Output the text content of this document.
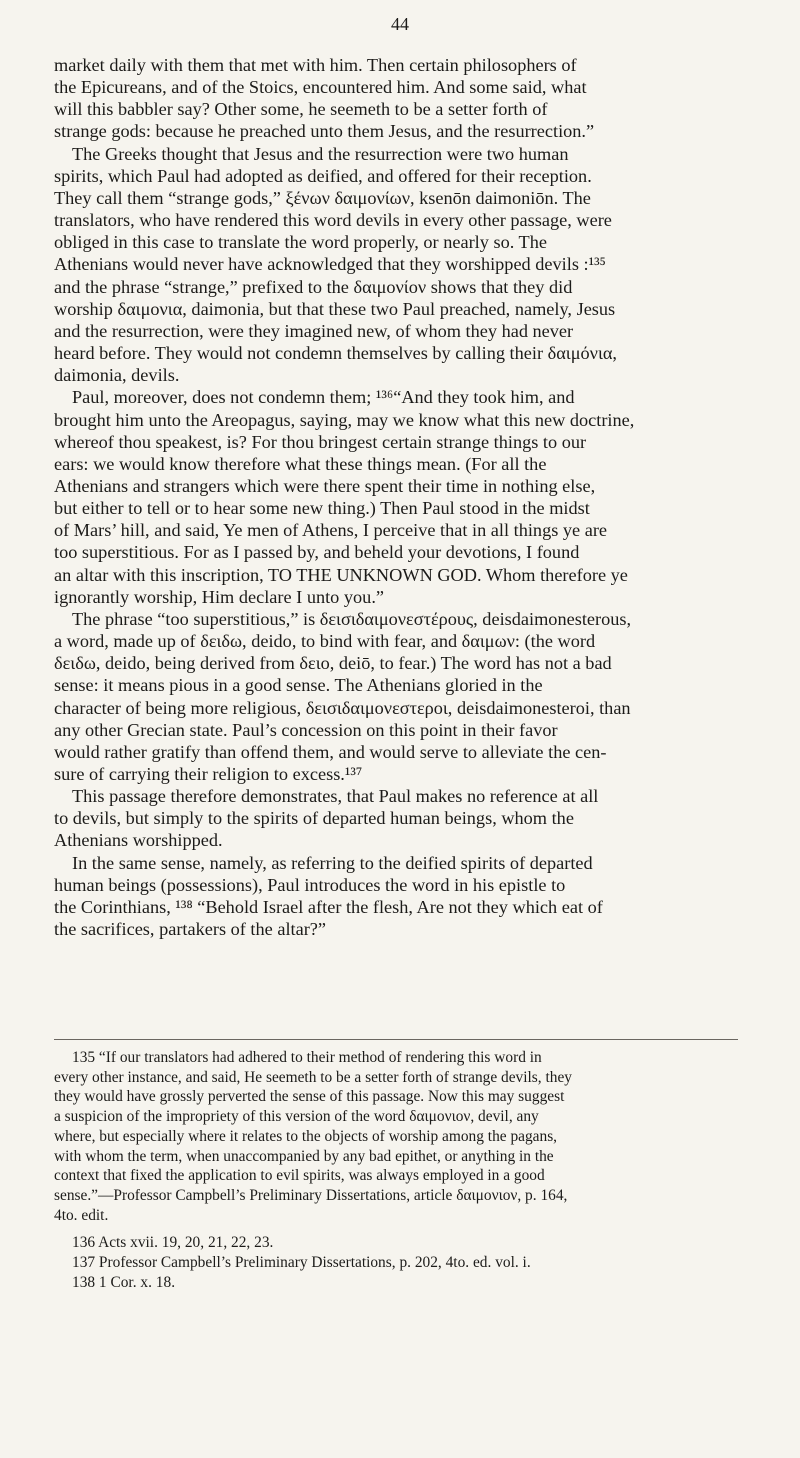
44
market daily with them that met with him. Then certain philosophers of
the Epicureans, and of the Stoics, encountered him. And some said, what
will this babbler say? Other some, he seemeth to be a setter forth of
strange gods: because he preached unto them Jesus, and the resurrection.”
The Greeks thought that Jesus and the resurrection were two human
spirits, which Paul had adopted as deified, and offered for their reception.
They call them “strange gods,” ξένων δαιμονίων, ksenōn daimoniōn. The
translators, who have rendered this word devils in every other passage, were
obliged in this case to translate the word properly, or nearly so. The
Athenians would never have acknowledged that they worshipped devils :¹³⁵
and the phrase “strange,” prefixed to the δαιμονίον shows that they did
worship δαιμονια, daimonia, but that these two Paul preached, namely, Jesus
and the resurrection, were they imagined new, of whom they had never
heard before. They would not condemn themselves by calling their δαιμόνια,
daimonia, devils.
Paul, moreover, does not condemn them; ¹³⁶“And they took him, and
brought him unto the Areopagus, saying, may we know what this new doctrine,
whereof thou speakest, is? For thou bringest certain strange things to our
ears: we would know therefore what these things mean. (For all the
Athenians and strangers which were there spent their time in nothing else,
but either to tell or to hear some new thing.) Then Paul stood in the midst
of Mars’ hill, and said, Ye men of Athens, I perceive that in all things ye are
too superstitious. For as I passed by, and beheld your devotions, I found
an altar with this inscription, TO THE UNKNOWN GOD. Whom therefore ye
ignorantly worship, Him declare I unto you.”
The phrase “too superstitious,” is δεισιδαιμονεστέρους, deisdaimonesterous,
a word, made up of δειδω, deido, to bind with fear, and δαιμων: (the word
δειδω, deido, being derived from δειο, deiō, to fear.) The word has not a bad
sense: it means pious in a good sense. The Athenians gloried in the
character of being more religious, δεισιδαιμονεστεροι, deisdaimonesteroi, than
any other Grecian state. Paul’s concession on this point in their favor
would rather gratify than offend them, and would serve to alleviate the cen-
sure of carrying their religion to excess.¹³⁷
This passage therefore demonstrates, that Paul makes no reference at all
to devils, but simply to the spirits of departed human beings, whom the
Athenians worshipped.
In the same sense, namely, as referring to the deified spirits of departed
human beings (possessions), Paul introduces the word in his epistle to
the Corinthians, ¹³⁸ “Behold Israel after the flesh, Are not they which eat of
the sacrifices, partakers of the altar?”
135 “If our translators had adhered to their method of rendering this word in
every other instance, and said, He seemeth to be a setter forth of strange devils, they
they would have grossly perverted the sense of this passage. Now this may suggest
a suspicion of the impropriety of this version of the word δαιμονιον, devil, any
where, but especially where it relates to the objects of worship among the pagans,
with whom the term, when unaccompanied by any bad epithet, or anything in the
context that fixed the application to evil spirits, was always employed in a good
sense.”—Professor Campbell’s Preliminary Dissertations, article δαιμονιον, p. 164,
4to. edit.
136 Acts xvii. 19, 20, 21, 22, 23.
137 Professor Campbell’s Preliminary Dissertations, p. 202, 4to. ed. vol. i.
138 1 Cor. x. 18.
